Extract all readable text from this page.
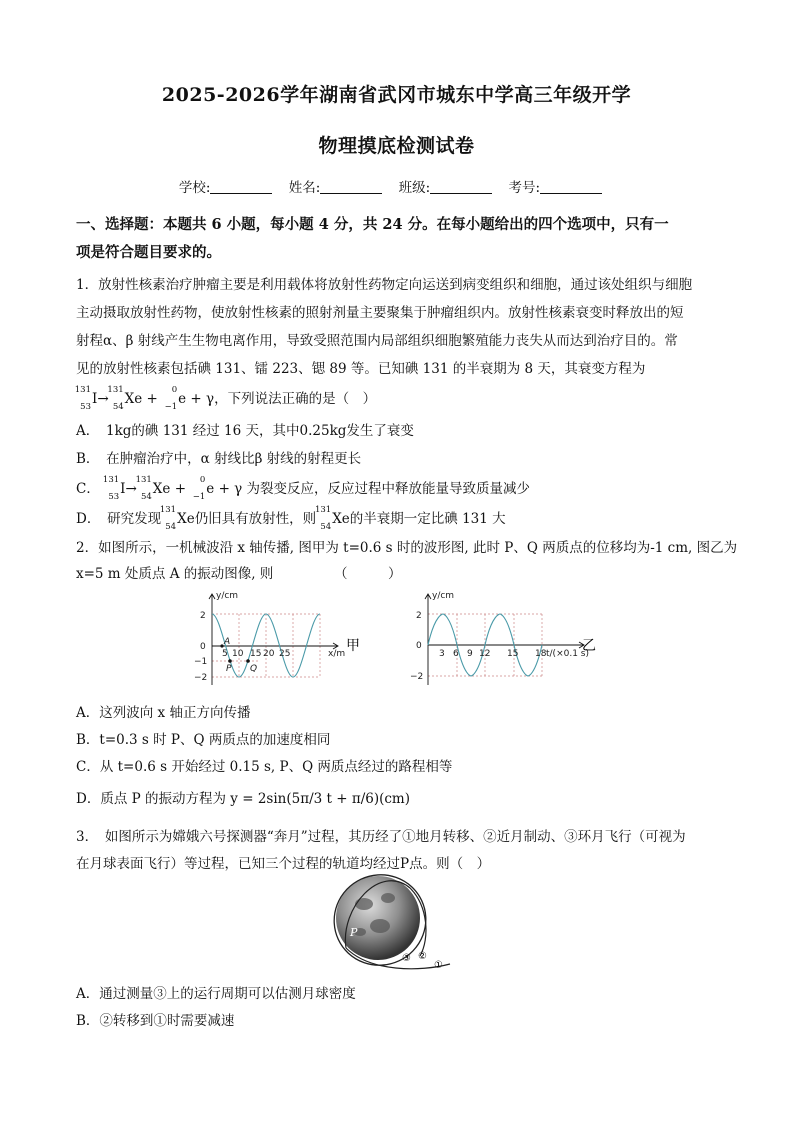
2025-2026学年湖南省武冈市城东中学高三年级开学
物理摸底检测试卷
学校:	姓名:	班级:	考号:
一、选择题：本题共 6 小题，每小题 4 分，共 24 分。在每小题给出的四个选项中，只有一
项是符合题目要求的。
1．放射性核素治疗肿瘤主要是利用载体将放射性药物定向运送到病变组织和细胞，通过该处组织与细胞
主动摄取放射性药物，使放射性核素的照射剂量主要聚集于肿瘤组织内。放射性核素衰变时释放出的短
射程α、β 射线产生生物电离作用，导致受照范围内局部组织细胞繁殖能力丧失从而达到治疗目的。常
见的放射性核素包括碘 131、镭 223、锶 89 等。已知碘 131 的半衰期为 8 天，其衰变方程为
131
53 I→
131
54 Xe +
0
−1 e + γ，下列说法正确的是（　）
A．　1kg的碘 131 经过 16 天，其中0.25kg发生了衰变
B．　在肿瘤治疗中，α 射线比β 射线的射程更长
C．
131
53 I→
131
54 Xe +
0
−1 e + γ 为裂变反应，反应过程中释放能量导致质量减少
D．　研究发现
131
54 Xe仍旧具有放射性，则
131
54 Xe的半衰期一定比碘 131 大
2．如图所示，一机械波沿 x 轴传播, 图甲为 t=0.6 s 时的波形图, 此时 P、Q 两质点的位移均为-1 cm, 图乙为
x=5 m 处质点 A 的振动图像, 则　　　　　（　　　）
y/cm
2
0
−1
−2
5 10 15 20 25	x/m
A
P Q
甲
y/cm
2
0
−2
3 6 9 12 15 18 t/(×0.1 s)
乙
A．这列波向 x 轴正方向传播
B．t=0.3 s 时 P、Q 两质点的加速度相同
C．从 t=0.6 s 开始经过 0.15 s, P、Q 两质点经过的路程相等
D．质点 P 的振动方程为 y = 2sin(5π/3 t + π/6)(cm)
3．　如图所示为嫦娥六号探测器“奔月”过程，其历经了①地月转移、②近月制动、③环月飞行（可视为
在月球表面飞行）等过程，已知三个过程的轨道均经过P点。则（　）
P
③ ②
①
A．通过测量③上的运行周期可以估测月球密度
B．②转移到①时需要减速
